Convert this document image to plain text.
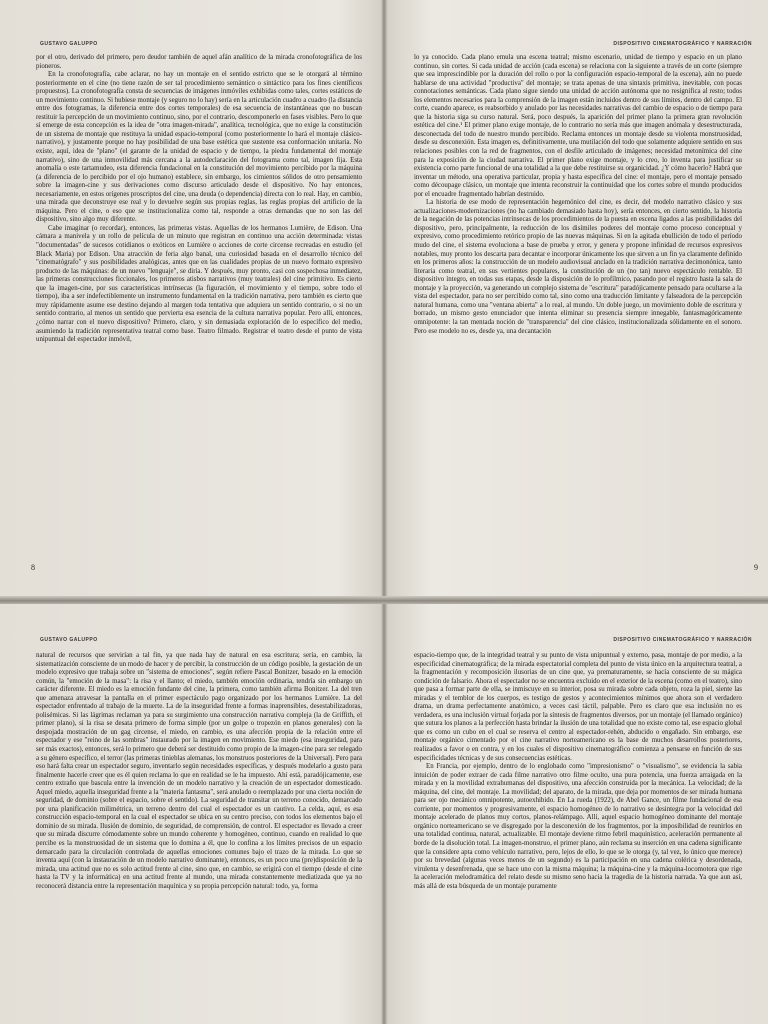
GUSTAVO GALUPPO

por el otro, derivado del primero, pero deudor también de aquel afán analítico de la mirada cronofotográfica de los pioneros.

En la cronofotografía, cabe aclarar, no hay un montaje en el sentido estricto que se le otorgará al término posteriormente en el cine (no tiene razón de ser tal procedimiento semántico o sintáctico para los fines científicos propuestos). La cronofotografía consta de secuencias de imágenes inmóviles exhibidas como tales, cortes estáticos de un movimiento continuo. Si hubiese montaje (y seguro no lo hay) sería en la articulación cuadro a cuadro (la distancia entre dos fotogramas, la diferencia entre dos cortes temporales) de esa secuencia de instantáneas que no buscan restituir la percepción de un movimiento continuo, sino, por el contrario, descomponerlo en fases visibles. Pero lo que sí emerge de esta concepción es la idea de "otra imagen-mirada", analítica, tecnológica, que no exige la constitución de un sistema de montaje que restituya la unidad espacio-temporal (como posteriormente lo hará el montaje clásico-narrativo), y justamente porque no hay posibilidad de una base estética que sustente esa conformación unitaria. No existe, aquí, idea de "plano" (el garante de la unidad de espacio y de tiempo, la piedra fundamental del montaje narrativo), sino de una inmovilidad más cercana a la autodeclaración del fotograma como tal, imagen fija. Esta anomalía o este tartamudeo, esta diferencia fundacional en la constitución del movimiento percibido por la máquina (a diferencia de lo percibido por el ojo humano) establece, sin embargo, los cimientos sólidos de otro pensamiento sobre la imagen-cine y sus derivaciones como discurso articulado desde el dispositivo. No hay entonces, necesariamente, en estos orígenes proscriptos del cine, una deuda (o dependencia) directa con lo real. Hay, en cambio, una mirada que deconstruye ese real y lo devuelve según sus propias reglas, las reglas propias del artificio de la máquina. Pero el cine, o eso que se institucionaliza como tal, responde a otras demandas que no son las del dispositivo, sino algo muy diferente.

Cabe imaginar (o recordar), entonces, las primeras vistas. Aquellas de los hermanos Lumière, de Edison. Una cámara a manivela y un rollo de película de un minuto que registran en continuo una acción determinada: vistas "documentadas" de sucesos cotidianos o exóticos en Lumière o acciones de corte circense recreadas en estudio (el Black Maria) por Edison. Una atracción de feria algo banal, una curiosidad basada en el desarrollo técnico del "cinematógrafo" y sus posibilidades analógicas, antes que en las cualidades propias de un nuevo formato expresivo producto de las máquinas: de un nuevo "lenguaje", se diría. Y después, muy pronto, casi con sospechosa inmediatez, las primeras construcciones ficcionales, los primeros atisbos narrativos (muy teatrales) del cine primitivo. Es cierto que la imagen-cine, por sus características intrínsecas (la figuración, el movimiento y el tiempo, sobre todo el tiempo), iba a ser indefectiblemente un instrumento fundamental en la tradición narrativa, pero también es cierto que muy rápidamente asume ese destino dejando al margen toda tentativa que adquiera un sentido contrario, o si no un sentido contrario, al menos un sentido que pervierta esa esencia de la cultura narrativa popular. Pero allí, entonces, ¿cómo narrar con el nuevo dispositivo? Primero, claro, y sin demasiada exploración de lo específico del medio, asumiendo la tradición representativa teatral como base. Teatro filmado. Registrar el teatro desde el punto de vista unipuntual del espectador inmóvil,

8
DISPOSITIVO CINEMATOGRÁFICO Y NARRACIÓN

lo ya conocido. Cada plano emula una escena teatral; mismo escenario, unidad de tiempo y espacio en un plano continuo, sin cortes. Si cada unidad de acción (cada escena) se relaciona con la siguiente a través de un corte (siempre que sea imprescindible por la duración del rollo o por la configuración espacio-temporal de la escena), aún no puede hablarse de una actividad "productiva" del montaje; se trata apenas de una sintaxis primitiva, inevitable, con pocas connotaciones semánticas. Cada plano sigue siendo una unidad de acción autónoma que no resignifica al resto; todos los elementos necesarios para la comprensión de la imagen están incluidos dentro de sus límites, dentro del campo. El corte, cuando aparece, es reabsorbido y anulado por las necesidades narrativas del cambio de espacio o de tiempo para que la historia siga su curso natural. Será, poco después, la aparición del primer plano la primera gran revolución estética del cine.¹ El primer plano exige montaje, de lo contrario no sería más que imagen anómala y desestructurada, desconectada del todo de nuestro mundo percibido. Reclama entonces un montaje desde su violenta monstruosidad, desde su desconexión. Esta imagen es, definitivamente, una mutilación del todo que solamente adquiere sentido en sus relaciones posibles con la red de fragmentos, con el desfile articulado de imágenes; necesidad metonímica del cine para la exposición de la ciudad narrativa. El primer plano exige montaje, y lo creo, lo inventa para justificar su existencia como parte funcional de una totalidad a la que debe restituirse su organicidad. ¿Y cómo hacerlo? Habrá que inventar un método, una operativa particular, propia y hasta específica del cine: el montaje, pero el montaje pensado como découpage clásico, un montaje que intenta reconstruir la continuidad que los cortes sobre el mundo producidos por el encuadre fragmentado habrían destruido.

La historia de ese modo de representación hegemónico del cine, es decir, del modelo narrativo clásico y sus actualizaciones-modernizaciones (no ha cambiado demasiado hasta hoy), sería entonces, en cierto sentido, la historia de la negación de las potencias intrínsecas de los procedimientos de la puesta en escena ligados a las posibilidades del dispositivo, pero, principalmente, la reducción de los disímiles poderes del montaje como proceso conceptual y expresivo, como procedimiento retórico propio de las nuevas máquinas. Si en la agitada ebullición de todo el período mudo del cine, el sistema evoluciona a base de prueba y error, y genera y propone infinidad de recursos expresivos notables, muy pronto los descarta para decantar e incorporar únicamente los que sirven a un fin ya claramente definido en los primeros años: la construcción de un modelo audiovisual anclado en la tradición narrativa decimonónica, tanto literaria como teatral, en sus vertientes populares, la constitución de un (no tan) nuevo espectáculo rentable. El dispositivo íntegro, en todas sus etapas, desde la disposición de lo profílmico, pasando por el registro hasta la sala de montaje y la proyección, va generando un complejo sistema de "escritura" paradójicamente pensado para ocultarse a la vista del espectador, para no ser percibido como tal, sino como una traducción limitante y falseadora de la percepción natural humana, como una "ventana abierta" a lo real, al mundo. Un doble juego, un movimiento doble de escritura y borrado, un mismo gesto enunciador que intenta eliminar su presencia siempre innegable, fantasmagóricamente omnipotente: la tan mentada noción de "transparencia" del cine clásico, institucionalizada sólidamente en el sonoro. Pero ese modelo no es, desde ya, una decantación

9
GUSTAVO GALUPPO

natural de recursos que servirían a tal fin, ya que nada hay de natural en esa escritura; sería, en cambio, la sistematización consciente de un modo de hacer y de percibir, la construcción de un código posible, la gestación de un modelo expresivo que trabaja sobre un "sistema de emociones", según refiere Pascal Bonitzer, basado en la emoción común, la "emoción de la masa": la risa y el llanto; el miedo, también emoción ordinaria, tendría sin embargo un carácter diferente. El miedo es la emoción fundante del cine, la primera, como también afirma Bonitzer. La del tren que amenaza atravesar la pantalla en el primer espectáculo pago organizado por los hermanos Lumière. La del espectador enfrentado al trabajo de la muerte. La de la inseguridad frente a formas inaprensibles, desestabilizadoras, polisémicas. Si las lágrimas reclaman ya para su surgimiento una construcción narrativa compleja (la de Griffith, el primer plano), si la risa se desata primero de forma simple (por un golpe o tropezón en planos generales) con la despojada mostración de un gag circense, el miedo, en cambio, es una afección propia de la relación entre el espectador y ese "reino de las sombras" instaurado por la imagen en movimiento. Ese miedo (esa inseguridad, para ser más exactos), entonces, será lo primero que deberá ser destituido como propio de la imagen-cine para ser relegado a su género específico, el terror (las primeras tinieblas alemanas, los monstruos posteriores de la Universal). Pero para eso hará falta crear un espectador seguro, inventarlo según necesidades específicas, y después modelarlo a gusto para finalmente hacerle creer que es él quien reclama lo que en realidad se le ha impuesto. Ahí está, paradójicamente, ese centro extraño que bascula entre la invención de un modelo narrativo y la creación de un espectador domesticado. Aquel miedo, aquella inseguridad frente a la "materia fantasma", será anulado o reemplazado por una cierta noción de seguridad, de dominio (sobre el espacio, sobre el sentido). La seguridad de transitar un terreno conocido, demarcado por una planificación milimétrica, un terreno dentro del cual el espectador es un cautivo. La celda, aquí, es esa construcción espacio-temporal en la cual el espectador se ubica en su centro preciso, con todos los elementos bajo el dominio de su mirada. Ilusión de dominio, de seguridad, de comprensión, de control. El espectador es llevado a creer que su mirada discurre cómodamente sobre un mundo coherente y homogéneo, continuo, cuando en realidad lo que percibe es la monstruosidad de un sistema que lo domina a él, que lo confina a los límites precisos de un espacio demarcado para la circulación controlada de aquellas emociones comunes bajo el trazo de la mirada. Lo que se inventa aquí (con la instauración de un modelo narrativo dominante), entonces, es un poco una (pre)disposición de la mirada, una actitud que no es solo actitud frente al cine, sino que, en cambio, se erigirá con el tiempo (desde el cine hasta la TV y la informática) en una actitud frente al mundo, una mirada constantemente mediatizada que ya no reconocerá distancia entre la representación maquínica y su propia percepción natural: todo, ya, forma

DISPOSITIVO CINEMATOGRÁFICO Y NARRACIÓN

espacio-tiempo que, de la integridad teatral y su punto de vista unipuntual y externo, pasa, montaje de por medio, a la especificidad cinematográfica; de la mirada espectatorial completa del punto de vista único en la arquitectura teatral, a la fragmentación y recomposición ilusorias de un cine que, ya prematuramente, se hacía consciente de su mágica condición de falsario. Ahora el espectador no se encuentra excluido en el exterior de la escena (como en el teatro), sino que pasa a formar parte de ella, se inmiscuye en su interior, posa su mirada sobre cada objeto, roza la piel, siente las miradas y el temblor de los cuerpos, es testigo de gestos y acontecimientos mínimos que ahora son el verdadero drama, un drama perfectamente anatómico, a veces casi táctil, palpable. Pero es claro que esa inclusión no es verdadera, es una inclusión virtual forjada por la síntesis de fragmentos diversos, por un montaje (el llamado orgánico) que sutura los planos a la perfección hasta brindar la ilusión de una totalidad que no existe como tal, ese espacio global que es como un cubo en el cual se reserva el centro al espectador-rehén, abducido o engañado. Sin embargo, ese montaje orgánico cimentado por el cine narrativo norteamericano es la base de muchos desarrollos posteriores, realizados a favor o en contra, y en los cuales el dispositivo cinematográfico comienza a pensarse en función de sus especificidades técnicas y de sus consecuencias estéticas.

En Francia, por ejemplo, dentro de lo englobado como "impresionismo" o "visualismo", se evidencia la sabia intuición de poder extraer de cada filme narrativo otro filme oculto, una pura potencia, una fuerza arraigada en la mirada y en la movilidad extrahumanas del dispositivo, una afección construida por la mecánica. La velocidad; de la máquina, del cine, del montaje. La movilidad; del aparato, de la mirada, que deja por momentos de ser mirada humana para ser ojo mecánico omnipotente, autoexhibido. En La rueda (1922), de Abel Gance, un filme fundacional de esa corriente, por momentos y progresivamente, el espacio homogéneo de lo narrativo se desintegra por la velocidad del montaje acelerado de planos muy cortos, planos-relámpago. Allí, aquel espacio homogéneo dominante del montaje orgánico norteamericano se ve disgregado por la desconexión de los fragmentos, por la imposibilidad de reunirlos en una totalidad continua, natural, actualizable. El montaje deviene ritmo febril maquinístico, aceleración permanente al borde de la disolución total. La imagen-monstruo, el primer plano, aún reclama su inserción en una cadena significante que la considere apta como vehículo narrativo, pero, lejos de ello, lo que se le otorga (y, tal vez, lo único que merece) por su brevedad (algunas veces menos de un segundo) es la participación en una cadena colérica y desordenada, virulenta y desenfrenada, que se hace uno con la misma máquina; la máquina-cine y la máquina-locomotora que rige la aceleración melodramática del relato desde su mismo seno hacia la tragedia de la historia narrada. Ya que aun así, más allá de esta búsqueda de un montaje puramente
